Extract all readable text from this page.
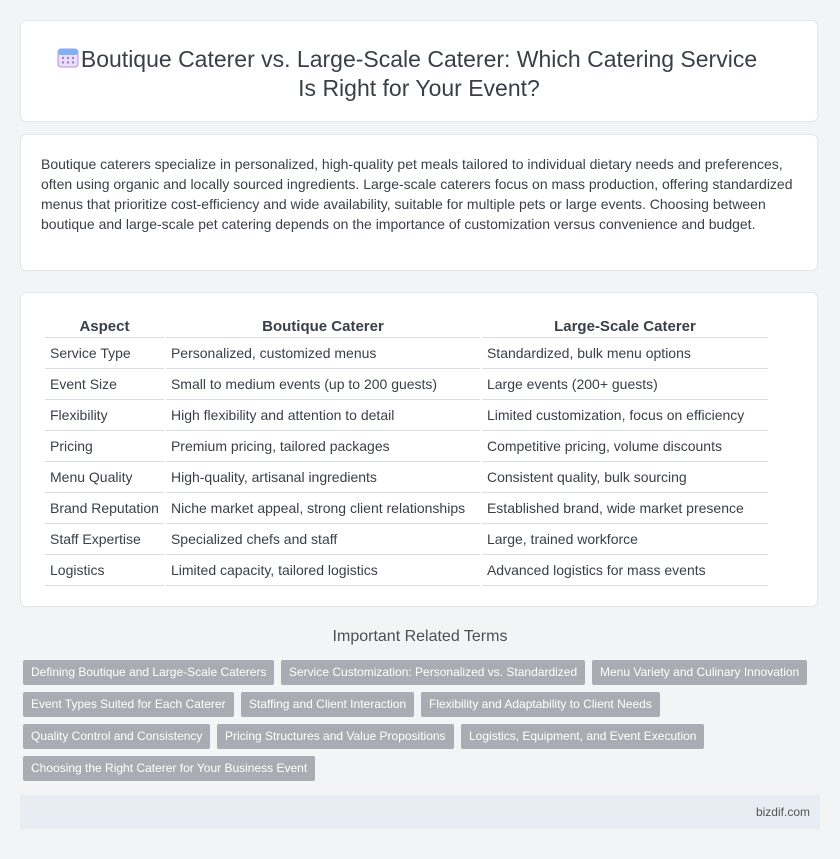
Boutique Caterer vs. Large-Scale Caterer: Which Catering Service
Is Right for Your Event?
Boutique caterers specialize in personalized, high-quality pet meals tailored to individual dietary needs and preferences, often using organic and locally sourced ingredients. Large-scale caterers focus on mass production, offering standardized menus that prioritize cost-efficiency and wide availability, suitable for multiple pets or large events. Choosing between boutique and large-scale pet catering depends on the importance of customization versus convenience and budget.
Aspect	Boutique Caterer	Large-Scale Caterer
Service Type	Personalized, customized menus	Standardized, bulk menu options
Event Size	Small to medium events (up to 200 guests)	Large events (200+ guests)
Flexibility	High flexibility and attention to detail	Limited customization, focus on efficiency
Pricing	Premium pricing, tailored packages	Competitive pricing, volume discounts
Menu Quality	High-quality, artisanal ingredients	Consistent quality, bulk sourcing
Brand Reputation	Niche market appeal, strong client relationships	Established brand, wide market presence
Staff Expertise	Specialized chefs and staff	Large, trained workforce
Logistics	Limited capacity, tailored logistics	Advanced logistics for mass events
Important Related Terms
Defining Boutique and Large-Scale Caterers	Service Customization: Personalized vs. Standardized	Menu Variety and Culinary Innovation
Event Types Suited for Each Caterer	Staffing and Client Interaction	Flexibility and Adaptability to Client Needs
Quality Control and Consistency	Pricing Structures and Value Propositions	Logistics, Equipment, and Event Execution
Choosing the Right Caterer for Your Business Event
bizdif.com
